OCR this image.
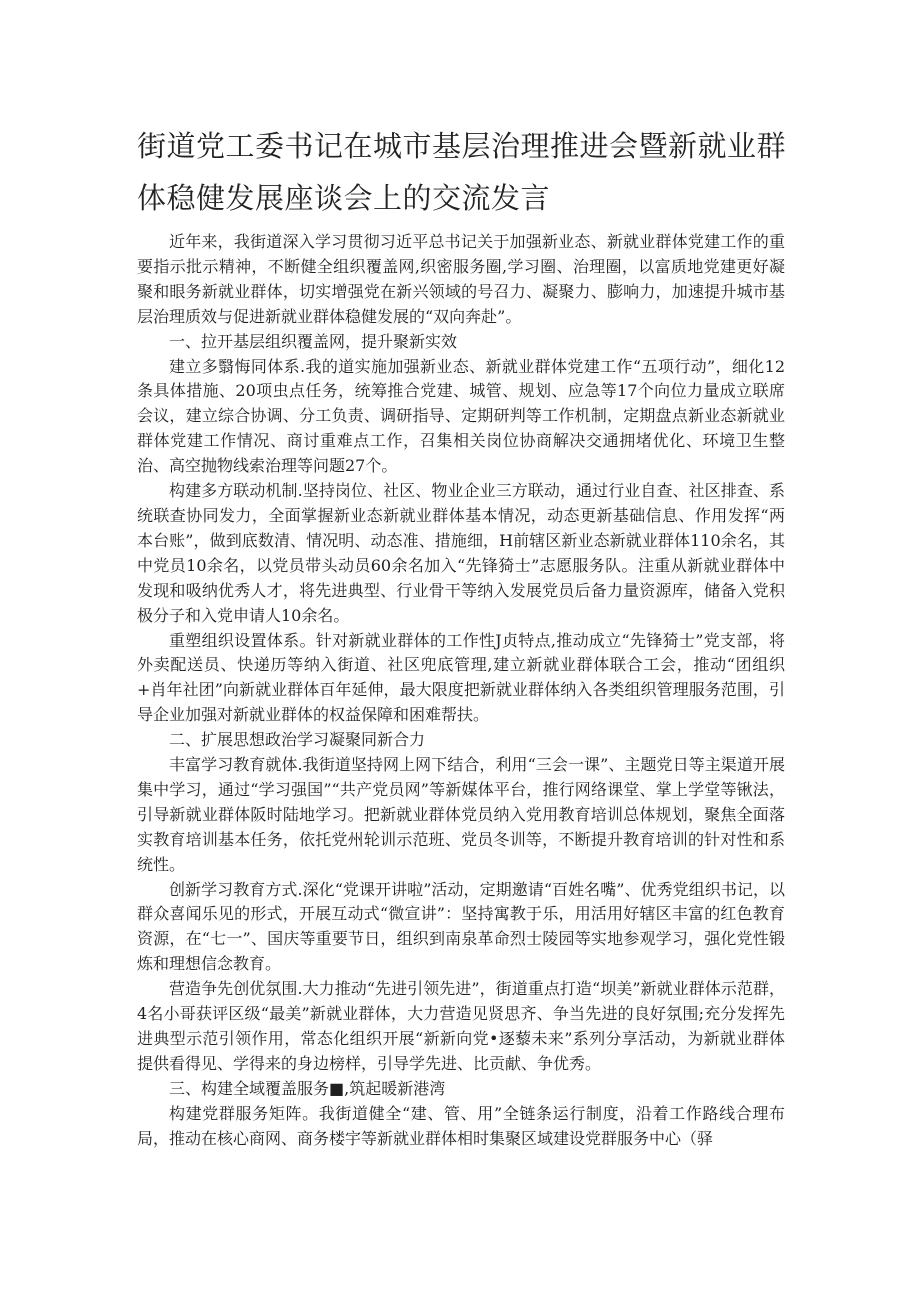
街道党工委书记在城市基层治理推进会暨新就业群体稳健发展座谈会上的交流发言

近年来，我街道深入学习贯彻习近平总书记关于加强新业态、新就业群体党建工作的重要指示批示精神，不断健全组织覆盖网,织密服务圈,学习圈、治理圈，以富质地党建更好凝聚和眼务新就业群体，切实增强党在新兴领域的号召力、凝聚力、膨响力，加速提升城市基层治理质效与促进新就业群体稳健发展的“双向奔赴”。

一、拉开基层组织覆盖网，提升聚新实效

建立多翳悔同体系.我的道实施加强新业态、新就业群体党建工作“五项行动”，细化12条具体措施、20项虫点任务，统筹推合党建、城管、规划、应急等17个向位力量成立联席会议，建立综合协调、分工负责、调研指导、定期研判等工作机制，定期盘点新业态新就业群体党建工作情况、商讨重难点工作，召集相关岗位协商解决交通拥堵优化、环境卫生整治、高空抛物线索治理等问题27个。

构建多方联动机制.坚持岗位、社区、物业企业三方联动，通过行业自查、社区排查、系统联查协同发力，全面掌握新业态新就业群体基本情况，动态更新基础信息、作用发挥“两本台账”，做到底数清、情况明、动态准、措施细，H前辖区新业态新就业群体110余名，其中党员10余名，以党员带头动员60余名加入“先锋猗士”志愿服务队。注重从新就业群体中发现和吸纳优秀人才，将先进典型、行业骨干等纳入发展党员后备力量资源库，储备入党积极分子和入党申请人10余名。

重塑组织设置体系。针对新就业群体的工作性J贞特点,推动成立“先锋猗士”党支部，将外卖配送员、快递历等纳入街道、社区兜底管理,建立新就业群体联合工会，推动“团组织+肖年社团”向新就业群体百年延伸，最大限度把新就业群体纳入各类组织管理服务范围，引导企业加强对新就业群体的权益保障和困难帮扶。

二、扩展思想政治学习凝聚同新合力

丰富学习教育就体.我街道坚持网上网下结合，利用“三会一课”、主题党日等主渠道开展集中学习，通过“学习强国”“共产党员网”等新媒体平台，推行网络课堂、掌上学堂等锹法，引导新就业群体阪时陆地学习。把新就业群体党员纳入党用教育培训总体规划，聚焦全面落实教育培训基本任务，依托党州轮训示范班、党员冬训等，不断提升教育培训的针对性和系统性。

创新学习教育方式.深化“党课开讲啦”活动，定期邀请“百姓名嘴”、优秀党组织书记，以群众喜闻乐见的形式，开展互动式“微宣讲”：坚持寓教于乐，用活用好辖区丰富的红色教育资源，在“七一”、国庆等重要节日，组织到南泉革命烈士陵园等实地参观学习，强化党性锻炼和理想信念教育。

营造争先创优氛围.大力推动“先进引领先进”，街道重点打造“坝美”新就业群体示范群，4名小哥获评区级“最美”新就业群体，大力营造见贤思齐、争当先进的良好氛围;充分发挥先进典型示范引领作用，常态化组织开展“新新向党•逐藜未来”系列分享活动，为新就业群体提供看得见、学得来的身边榜样，引导学先进、比贡献、争优秀。

三、构建全域覆盖服务■,筑起暖新港湾

构建党群服务矩阵。我街道健全“建、管、用”全链条运行制度，沿着工作路线合理布局，推动在核心商网、商务楼宇等新就业群体相时集聚区域建设党群服务中心（驿
